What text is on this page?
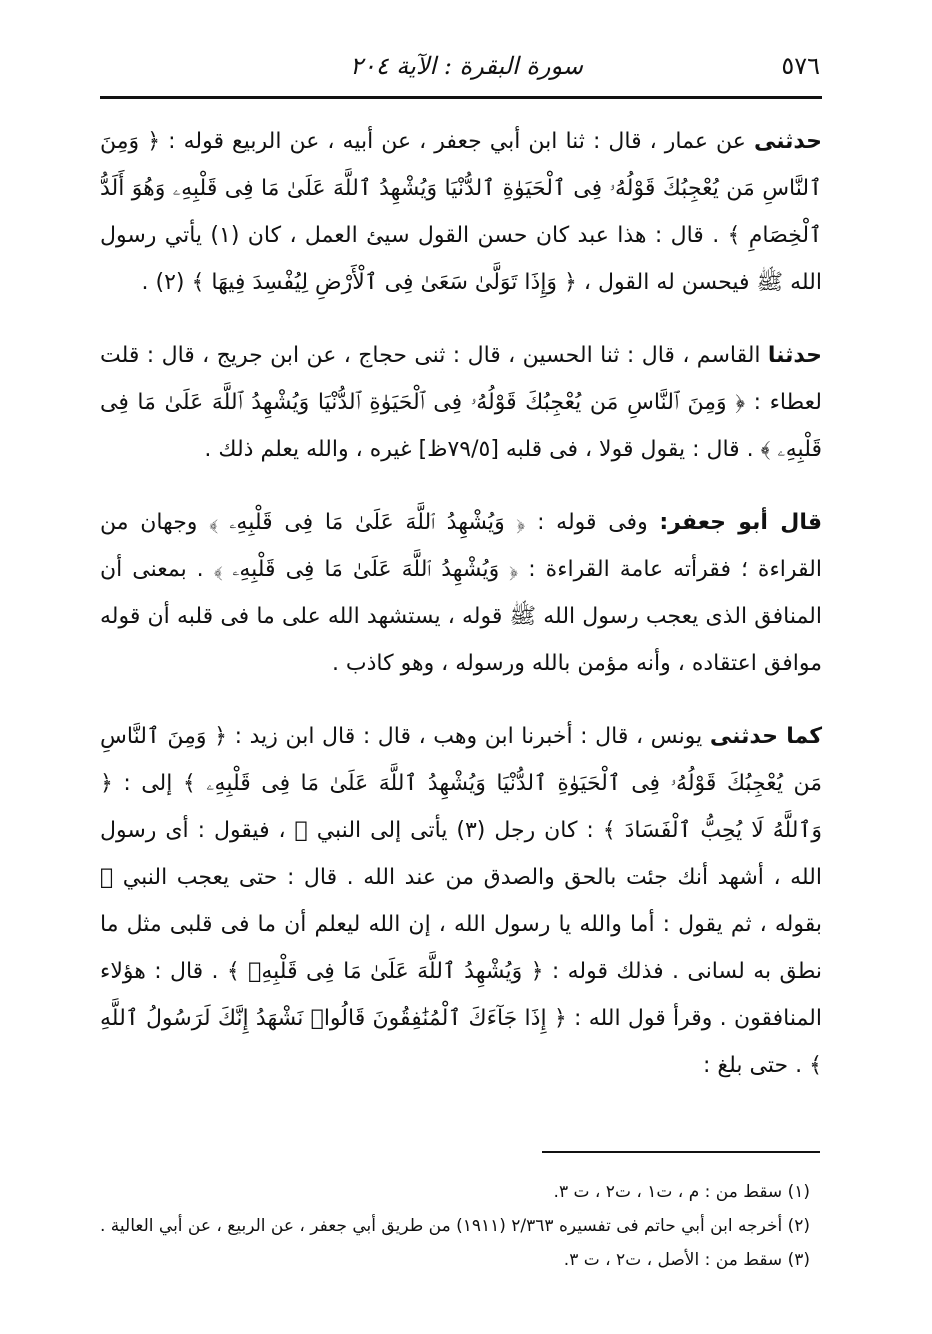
٥٧٦
سورة البقرة : الآية ٢٠٤

حدثنى عن عمار ، قال : ثنا ابن أبي جعفر ، عن أبيه ، عن الربيع قوله : ﴿ وَمِنَ ٱلنَّاسِ مَن يُعْجِبُكَ قَوْلُهُۥ فِى ٱلْحَيَوٰةِ ٱلدُّنْيَا وَيُشْهِدُ ٱللَّهَ عَلَىٰ مَا فِى قَلْبِهِۦ وَهُوَ أَلَدُّ ٱلْخِصَامِ ﴾ . قال : هذا عبد كان حسن القول سيئ العمل ، كان (١) يأتي رسول الله ﷺ فيحسن له القول ، ﴿ وَإِذَا تَوَلَّىٰ سَعَىٰ فِى ٱلْأَرْضِ لِيُفْسِدَ فِيهَا ﴾ (٢) .

حدثنا القاسم ، قال : ثنا الحسين ، قال : ثنى حجاج ، عن ابن جريج ، قال : قلت لعطاء : ﴿ وَمِنَ ٱلنَّاسِ مَن يُعْجِبُكَ قَوْلُهُۥ فِى ٱلْحَيَوٰةِ ٱلدُّنْيَا وَيُشْهِدُ ٱللَّهَ عَلَىٰ مَا فِى قَلْبِهِۦ ﴾ . قال : يقول قولا ، فى قلبه [٧٩/٥ظ] غيره ، والله يعلم ذلك .

قال أبو جعفر: وفى قوله : ﴿ وَيُشْهِدُ ٱللَّهَ عَلَىٰ مَا فِى قَلْبِهِۦ ﴾ وجهان من القراءة ؛ فقرأته عامة القراءة : ﴿ وَيُشْهِدُ ٱللَّهَ عَلَىٰ مَا فِى قَلْبِهِۦ ﴾ . بمعنى أن المنافق الذى يعجب رسول الله ﷺ قوله ، يستشهد الله على ما فى قلبه أن قوله موافق اعتقاده ، وأنه مؤمن بالله ورسوله ، وهو كاذب .

كما حدثنى يونس ، قال : أخبرنا ابن وهب ، قال : قال ابن زيد : ﴿ وَمِنَ ٱلنَّاسِ مَن يُعْجِبُكَ قَوْلُهُۥ فِى ٱلْحَيَوٰةِ ٱلدُّنْيَا وَيُشْهِدُ ٱللَّهَ عَلَىٰ مَا فِى قَلْبِهِۦ ﴾ إلى : ﴿ وَٱللَّهُ لَا يُحِبُّ ٱلْفَسَادَ ﴾ : كان رجل (٣) يأتى إلى النبي ﷺ ، فيقول : أى رسول الله ، أشهد أنك جئت بالحق والصدق من عند الله . قال : حتى يعجب النبي ﷺ بقوله ، ثم يقول : أما والله يا رسول الله ، إن الله ليعلم أن ما فى قلبى مثل ما نطق به لسانى . فذلك قوله : ﴿ وَيُشْهِدُ ٱللَّهَ عَلَىٰ مَا فِى قَلْبِهِۦ ﴾ . قال : هؤلاء المنافقون . وقرأ قول الله : ﴿ إِذَا جَآءَكَ ٱلْمُنَٰفِقُونَ قَالُوا۟ نَشْهَدُ إِنَّكَ لَرَسُولُ ٱللَّهِ ﴾ . حتى بلغ :

(١) سقط من : م ، ت١ ، ت٢ ، ت ٣.

(٢) أخرجه ابن أبي حاتم فى تفسيره ٢/٣٦٣ (١٩١١) من طريق أبي جعفر ، عن الربيع ، عن أبي العالية .

(٣) سقط من : الأصل ، ت٢ ، ت ٣.
